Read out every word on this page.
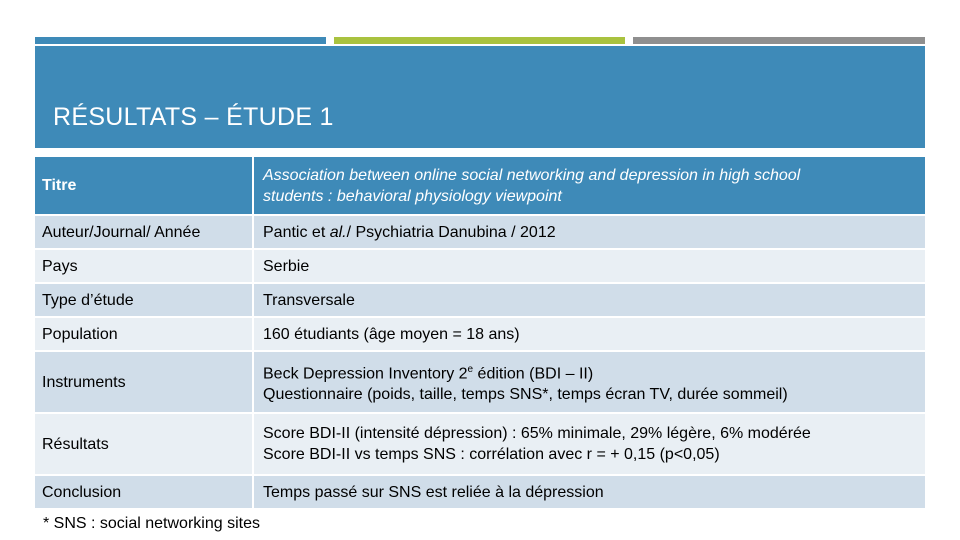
RÉSULTATS – ÉTUDE 1
Titre	Association between online social networking and depression in high school
students : behavioral physiology viewpoint

Auteur/Journal/ Année	Pantic et al./ Psychiatria Danubina / 2012
Pays	Serbie
Type d’étude	Transversale
Population	160 étudiants (âge moyen = 18 ans)
Instruments	Beck Depression Inventory 2e édition (BDI – II)
Questionnaire (poids, taille, temps SNS*, temps écran TV, durée sommeil)

Résultats	Score BDI-II (intensité dépression) : 65% minimale, 29% légère, 6% modérée
Score BDI-II vs temps SNS : corrélation avec r = + 0,15 (p<0,05)

Conclusion	Temps passé sur SNS est reliée à la dépression
* SNS : social networking sites
